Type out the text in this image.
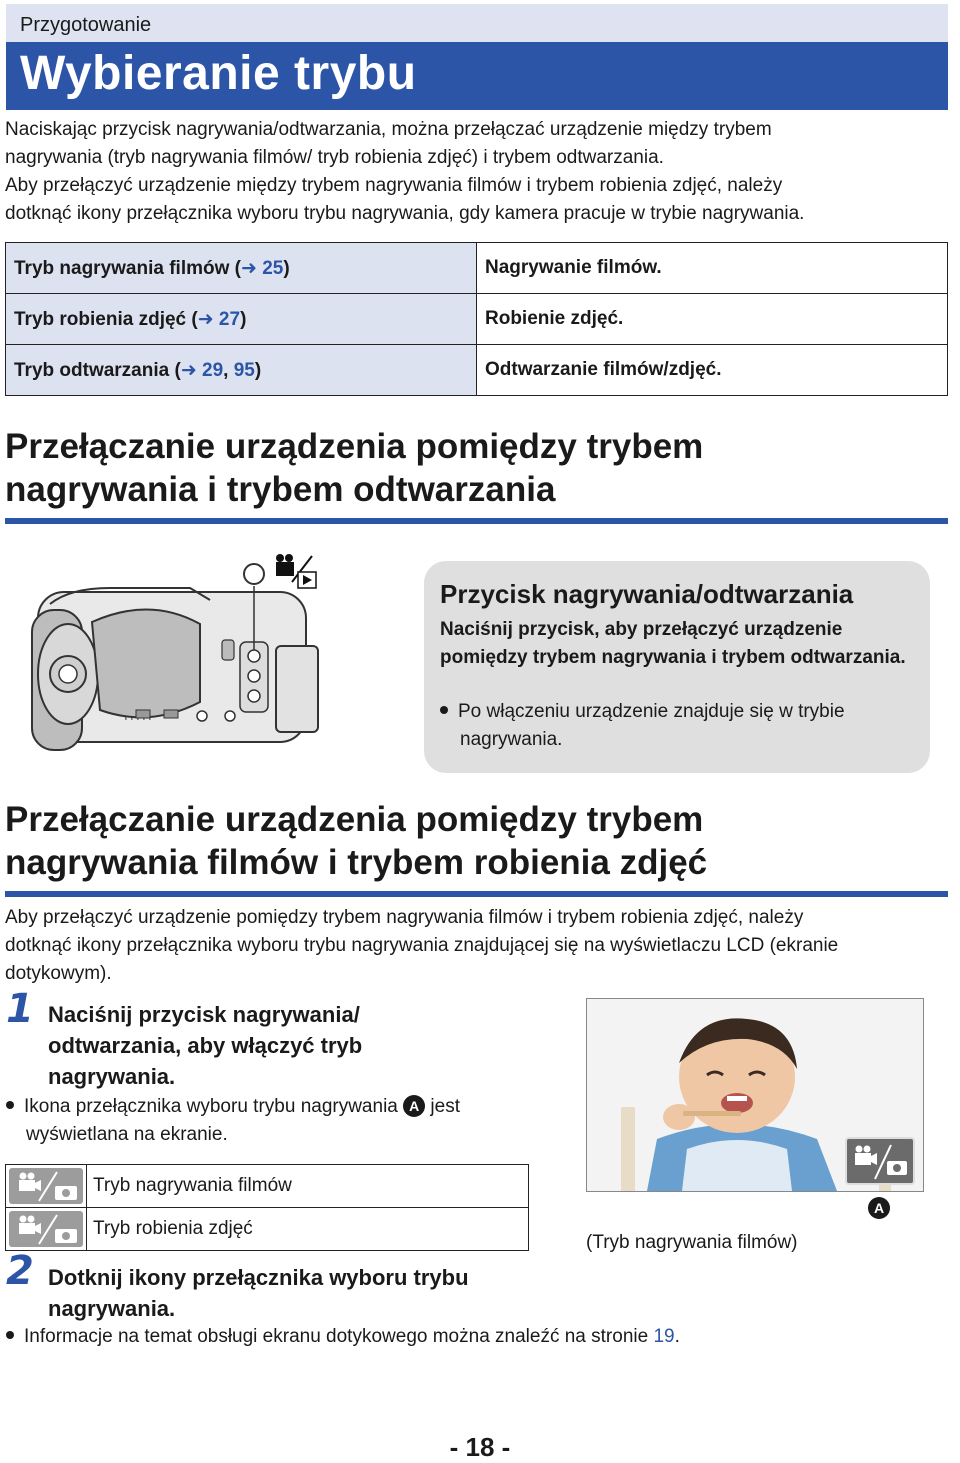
Przygotowanie
Wybieranie trybu
Naciskając przycisk nagrywania/odtwarzania, można przełączać urządzenie między trybem
nagrywania (tryb nagrywania filmów/ tryb robienia zdjęć) i trybem odtwarzania.
Aby przełączyć urządzenie między trybem nagrywania filmów i trybem robienia zdjęć, należy
dotknąć ikony przełącznika wyboru trybu nagrywania, gdy kamera pracuje w trybie nagrywania.
Tryb nagrywania filmów (➜ 25)	Nagrywanie filmów.
Tryb robienia zdjęć (➜ 27)	Robienie zdjęć.
Tryb odtwarzania (➜ 29, 95)	Odtwarzanie filmów/zdjęć.
Przełączanie urządzenia pomiędzy trybem
nagrywania i trybem odtwarzania
Przycisk nagrywania/odtwarzania
Naciśnij przycisk, aby przełączyć urządzenie pomiędzy trybem nagrywania i trybem odtwarzania.
Po włączeniu urządzenie znajduje się w trybie nagrywania.
Przełączanie urządzenia pomiędzy trybem
nagrywania filmów i trybem robienia zdjęć
Aby przełączyć urządzenie pomiędzy trybem nagrywania filmów i trybem robienia zdjęć, należy
dotknąć ikony przełącznika wyboru trybu nagrywania znajdującej się na wyświetlaczu LCD (ekranie
dotykowym).
1 Naciśnij przycisk nagrywania/
odtwarzania, aby włączyć tryb
nagrywania.
Ikona przełącznika wyboru trybu nagrywania A jest
wyświetlana na ekranie.
	Tryb nagrywania filmów
	Tryb robienia zdjęć
A
(Tryb nagrywania filmów)
2 Dotknij ikony przełącznika wyboru trybu
nagrywania.
Informacje na temat obsługi ekranu dotykowego można znaleźć na stronie 19.
- 18 -
